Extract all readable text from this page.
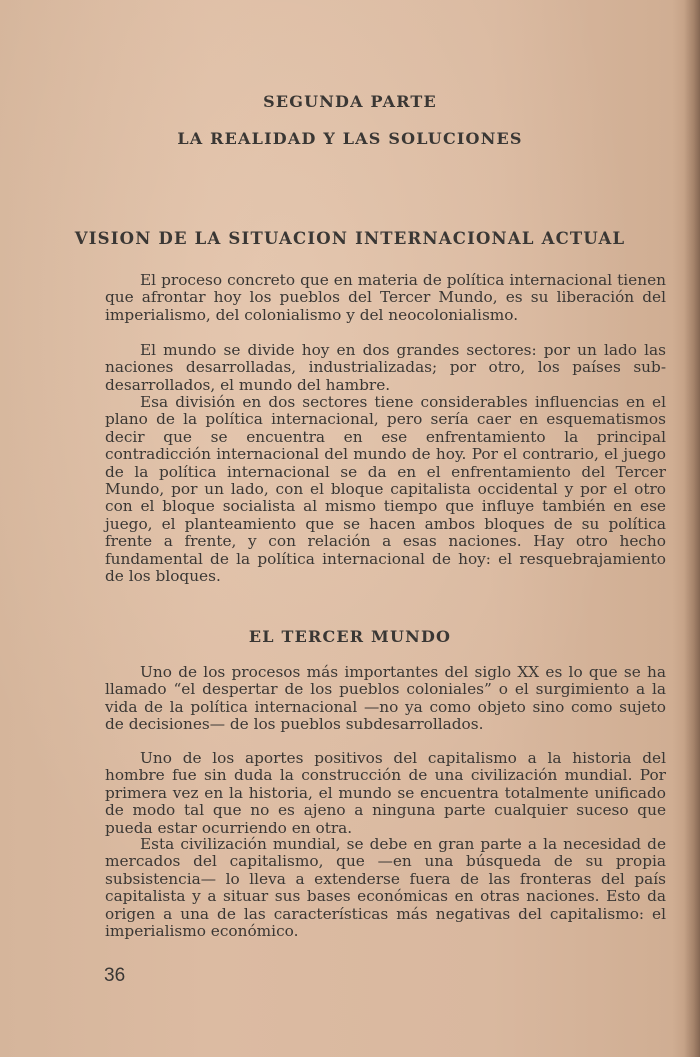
SEGUNDA PARTE
LA REALIDAD Y LAS SOLUCIONES
VISION DE LA SITUACION INTERNACIONAL ACTUAL

El proceso concreto que en materia de política internacional tienen que afrontar hoy los pueblos del Tercer Mundo, es su liberación del imperialismo, del colonialismo y del neocolonialismo.

El mundo se divide hoy en dos grandes sectores: por un lado las naciones desarrolladas, industrializadas; por otro, los países sub-desarrollados, el mundo del hambre.

Esa división en dos sectores tiene considerables influencias en el plano de la política internacional, pero sería caer en esquematismos decir que se encuentra en ese enfrentamiento la principal contradicción internacional del mundo de hoy. Por el contrario, el juego de la política internacional se da en el enfrentamiento del Tercer Mundo, por un lado, con el bloque capitalista occidental y por el otro con el bloque socialista al mismo tiempo que influye también en ese juego, el planteamiento que se hacen ambos bloques de su política frente a frente, y con relación a esas naciones. Hay otro hecho fundamental de la política internacional de hoy: el resquebrajamiento de los bloques.

EL TERCER MUNDO

Uno de los procesos más importantes del siglo XX es lo que se ha llamado “el despertar de los pueblos coloniales” o el surgimiento a la vida de la política internacional —no ya como objeto sino como sujeto de decisiones— de los pueblos subdesarrollados.

Uno de los aportes positivos del capitalismo a la historia del hombre fue sin duda la construcción de una civilización mundial. Por primera vez en la historia, el mundo se encuentra totalmente unificado de modo tal que no es ajeno a ninguna parte cualquier suceso que pueda estar ocurriendo en otra.

Esta civilización mundial, se debe en gran parte a la necesidad de mercados del capitalismo, que —en una búsqueda de su propia subsistencia— lo lleva a extenderse fuera de las fronteras del país capitalista y a situar sus bases económicas en otras naciones. Esto da origen a una de las características más negativas del capitalismo: el imperialismo económico.

36
